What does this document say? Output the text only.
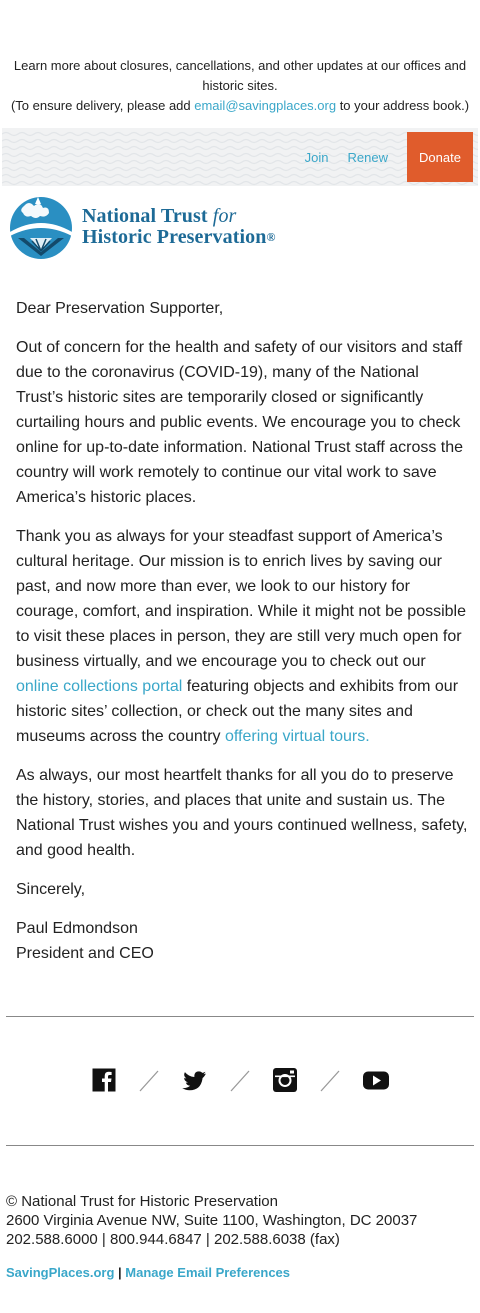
Learn more about closures, cancellations, and other updates at our offices and historic sites.
(To ensure delivery, please add email@savingplaces.org to your address book.)
Join Renew	Donate
National Trust for
Historic Preservation®

Dear Preservation Supporter,

Out of concern for the health and safety of our visitors and staff due to the coronavirus (COVID-19), many of the National Trust’s historic sites are temporarily closed or significantly curtailing hours and public events. We encourage you to check online for up-to-date information. National Trust staff across the country will work remotely to continue our vital work to save America’s historic places.

Thank you as always for your steadfast support of America’s cultural heritage. Our mission is to enrich lives by saving our past, and now more than ever, we look to our history for courage, comfort, and inspiration. While it might not be possible to visit these places in person, they are still very much open for business virtually, and we encourage you to check out our online collections portal featuring objects and exhibits from our historic sites’ collection, or check out the many sites and museums across the country offering virtual tours.

As always, our most heartfelt thanks for all you do to preserve the history, stories, and places that unite and sustain us. The National Trust wishes you and yours continued wellness, safety, and good health.

Sincerely,

Paul Edmondson
President and CEO

© National Trust for Historic Preservation
2600 Virginia Avenue NW, Suite 1100, Washington, DC 20037
202.588.6000 | 800.944.6847 | 202.588.6038 (fax)
SavingPlaces.org | Manage Email Preferences
